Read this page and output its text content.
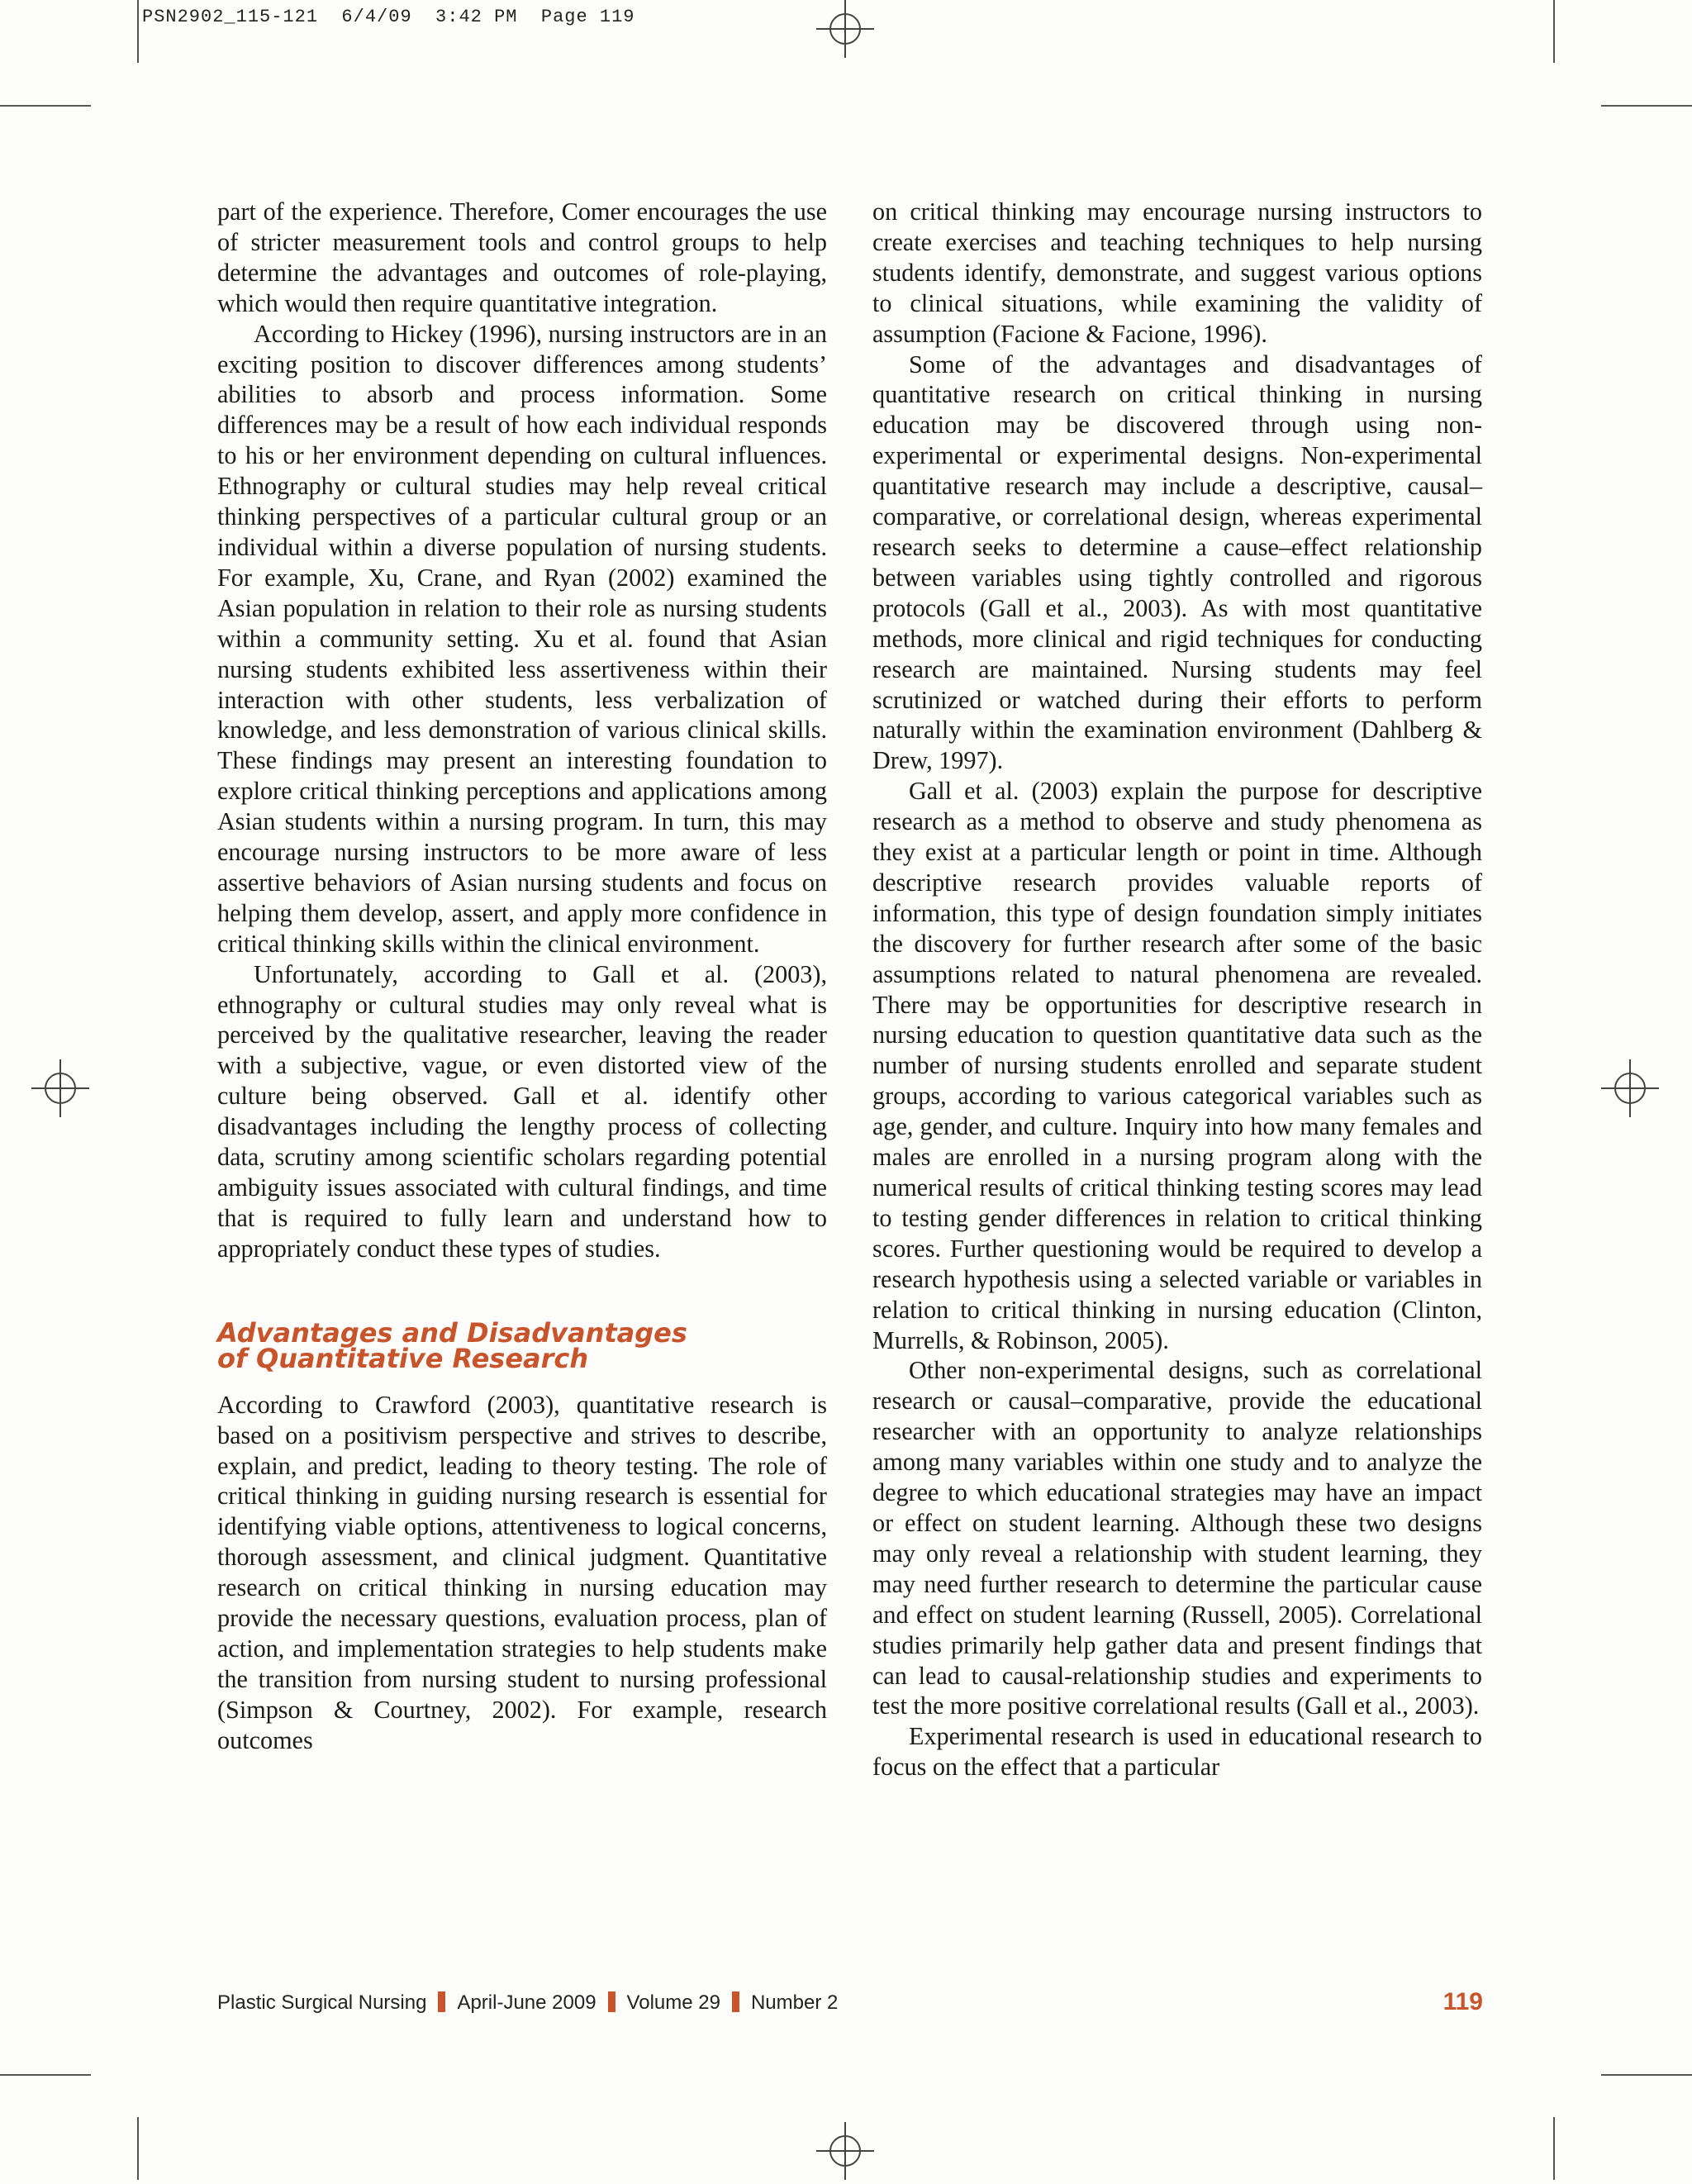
PSN2902_115-121  6/4/09  3:42 PM  Page 119

part of the experience. Therefore, Comer encourages the use of stricter measurement tools and control groups to help determine the advantages and outcomes of role-playing, which would then require quantitative integration.

According to Hickey (1996), nursing instructors are in an exciting position to discover differences among students’ abilities to absorb and process information. Some differences may be a result of how each individual responds to his or her environment depending on cultural influences. Ethnography or cultural studies may help reveal critical thinking perspectives of a particular cultural group or an individual within a diverse population of nursing students. For example, Xu, Crane, and Ryan (2002) examined the Asian population in relation to their role as nursing students within a community setting. Xu et al. found that Asian nursing students exhibited less assertiveness within their interaction with other students, less verbalization of knowledge, and less demonstration of various clinical skills. These findings may present an interesting foundation to explore critical thinking perceptions and applications among Asian students within a nursing program. In turn, this may encourage nursing instructors to be more aware of less assertive behaviors of Asian nursing students and focus on helping them develop, assert, and apply more confidence in critical thinking skills within the clinical environment.

Unfortunately, according to Gall et al. (2003), ethnography or cultural studies may only reveal what is perceived by the qualitative researcher, leaving the reader with a subjective, vague, or even distorted view of the culture being observed. Gall et al. identify other disadvantages including the lengthy process of collecting data, scrutiny among scientific scholars regarding potential ambiguity issues associated with cultural findings, and time that is required to fully learn and understand how to appropriately conduct these types of studies.

Advantages and Disadvantages
of Quantitative Research

According to Crawford (2003), quantitative research is based on a positivism perspective and strives to describe, explain, and predict, leading to theory testing. The role of critical thinking in guiding nursing research is essential for identifying viable options, attentiveness to logical concerns, thorough assessment, and clinical judgment. Quantitative research on critical thinking in nursing education may provide the necessary questions, evaluation process, plan of action, and implementation strategies to help students make the transition from nursing student to nursing professional (Simpson & Courtney, 2002). For example, research outcomes

on critical thinking may encourage nursing instructors to create exercises and teaching techniques to help nursing students identify, demonstrate, and suggest various options to clinical situations, while examining the validity of assumption (Facione & Facione, 1996).

Some of the advantages and disadvantages of quantitative research on critical thinking in nursing education may be discovered through using non-experimental or experimental designs. Non-experimental quantitative research may include a descriptive, causal–comparative, or correlational design, whereas experimental research seeks to determine a cause–effect relationship between variables using tightly controlled and rigorous protocols (Gall et al., 2003). As with most quantitative methods, more clinical and rigid techniques for conducting research are maintained. Nursing students may feel scrutinized or watched during their efforts to perform naturally within the examination environment (Dahlberg & Drew, 1997).

Gall et al. (2003) explain the purpose for descriptive research as a method to observe and study phenomena as they exist at a particular length or point in time. Although descriptive research provides valuable reports of information, this type of design foundation simply initiates the discovery for further research after some of the basic assumptions related to natural phenomena are revealed. There may be opportunities for descriptive research in nursing education to question quantitative data such as the number of nursing students enrolled and separate student groups, according to various categorical variables such as age, gender, and culture. Inquiry into how many females and males are enrolled in a nursing program along with the numerical results of critical thinking testing scores may lead to testing gender differences in relation to critical thinking scores. Further questioning would be required to develop a research hypothesis using a selected variable or variables in relation to critical thinking in nursing education (Clinton, Murrells, & Robinson, 2005).

Other non-experimental designs, such as correlational research or causal–comparative, provide the educational researcher with an opportunity to analyze relationships among many variables within one study and to analyze the degree to which educational strategies may have an impact or effect on student learning. Although these two designs may only reveal a relationship with student learning, they may need further research to determine the particular cause and effect on student learning (Russell, 2005). Correlational studies primarily help gather data and present findings that can lead to causal-relationship studies and experiments to test the more positive correlational results (Gall et al., 2003).

Experimental research is used in educational research to focus on the effect that a particular

Plastic Surgical Nursing April-June 2009 Volume 29 Number 2	119
